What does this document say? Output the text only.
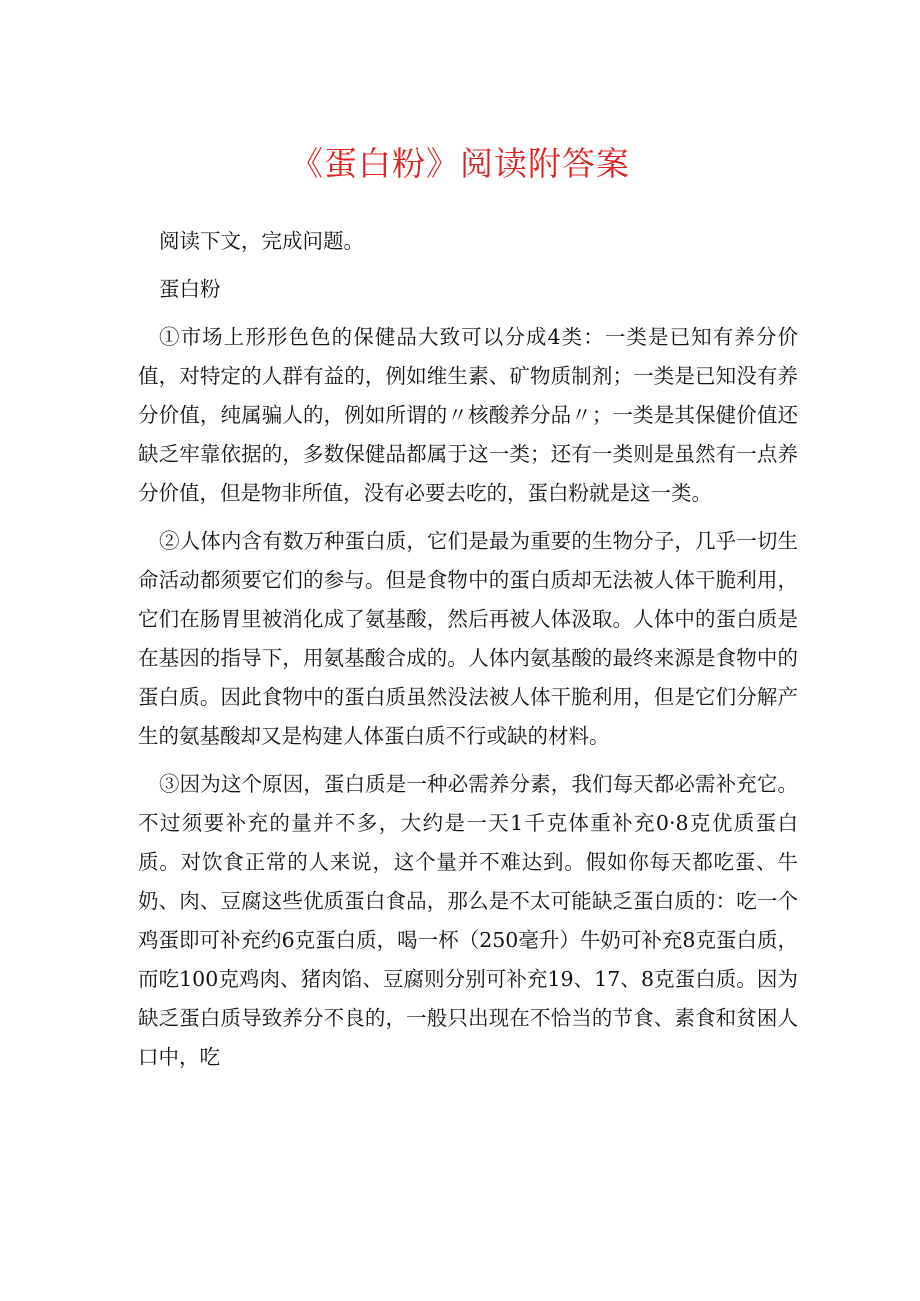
《蛋白粉》阅读附答案

阅读下文，完成问题。

蛋白粉

①市场上形形色色的保健品大致可以分成4类：一类是已知有养分价值，对特定的人群有益的，例如维生素、矿物质制剂；一类是已知没有养分价值，纯属骗人的，例如所谓的〃核酸养分品〃；一类是其保健价值还缺乏牢靠依据的，多数保健品都属于这一类；还有一类则是虽然有一点养分价值，但是物非所值，没有必要去吃的，蛋白粉就是这一类。

②人体内含有数万种蛋白质，它们是最为重要的生物分子，几乎一切生命活动都须要它们的参与。但是食物中的蛋白质却无法被人体干脆利用，它们在肠胃里被消化成了氨基酸，然后再被人体汲取。人体中的蛋白质是在基因的指导下，用氨基酸合成的。人体内氨基酸的最终来源是食物中的蛋白质。因此食物中的蛋白质虽然没法被人体干脆利用，但是它们分解产生的氨基酸却又是构建人体蛋白质不行或缺的材料。

③因为这个原因，蛋白质是一种必需养分素，我们每天都必需补充它。不过须要补充的量并不多，大约是一天1千克体重补充0·8克优质蛋白质。对饮食正常的人来说，这个量并不难达到。假如你每天都吃蛋、牛奶、肉、豆腐这些优质蛋白食品，那么是不太可能缺乏蛋白质的：吃一个鸡蛋即可补充约6克蛋白质，喝一杯（250毫升）牛奶可补充8克蛋白质，而吃100克鸡肉、猪肉馅、豆腐则分别可补充19、17、8克蛋白质。因为缺乏蛋白质导致养分不良的，一般只出现在不恰当的节食、素食和贫困人口中，吃
